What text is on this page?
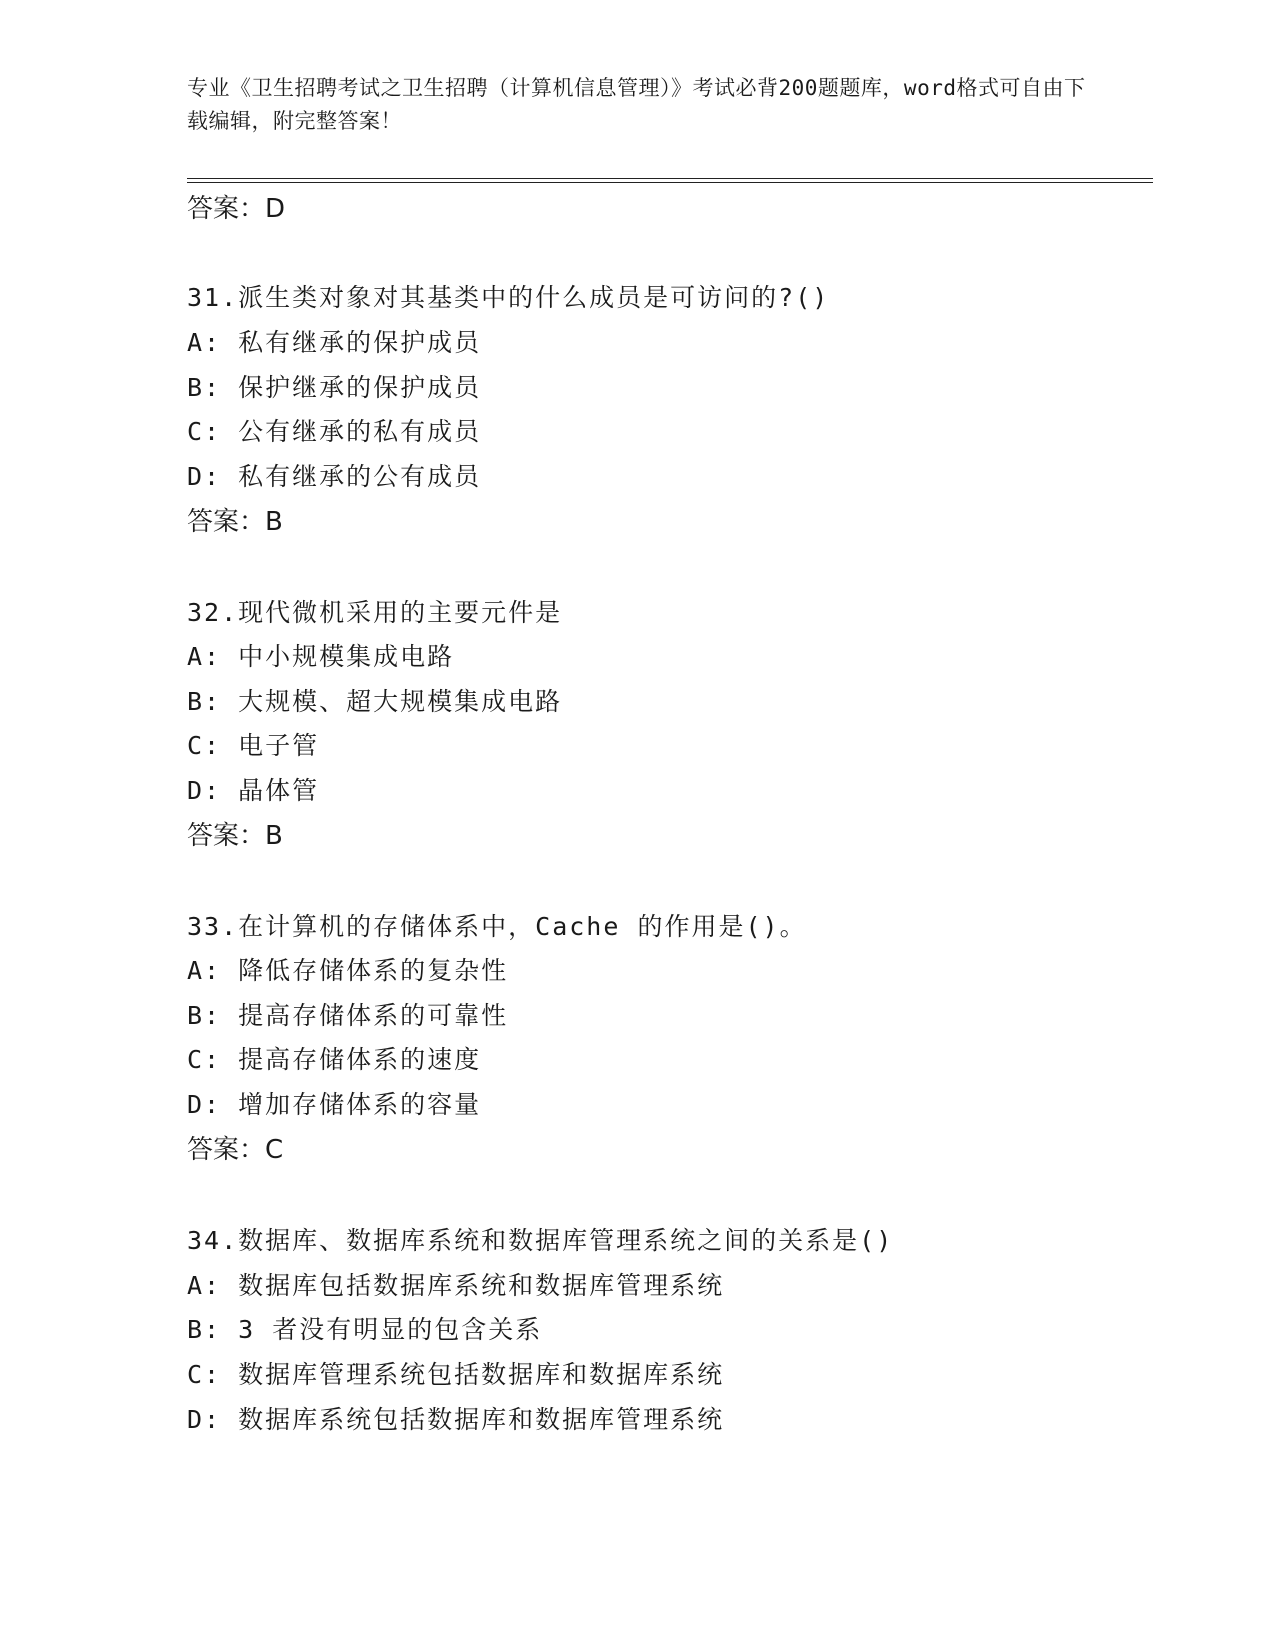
专业《卫生招聘考试之卫生招聘（计算机信息管理）》考试必背200题题库，word格式可自由下载编辑，附完整答案！
答案：D
31.派生类对象对其基类中的什么成员是可访问的?()
A: 私有继承的保护成员
B: 保护继承的保护成员
C: 公有继承的私有成员
D: 私有继承的公有成员
答案：B
32.现代微机采用的主要元件是
A: 中小规模集成电路
B: 大规模、超大规模集成电路
C: 电子管
D: 晶体管
答案：B
33.在计算机的存储体系中，Cache 的作用是()。
A: 降低存储体系的复杂性
B: 提高存储体系的可靠性
C: 提高存储体系的速度
D: 增加存储体系的容量
答案：C
34.数据库、数据库系统和数据库管理系统之间的关系是()
A: 数据库包括数据库系统和数据库管理系统
B: 3 者没有明显的包含关系
C: 数据库管理系统包括数据库和数据库系统
D: 数据库系统包括数据库和数据库管理系统
